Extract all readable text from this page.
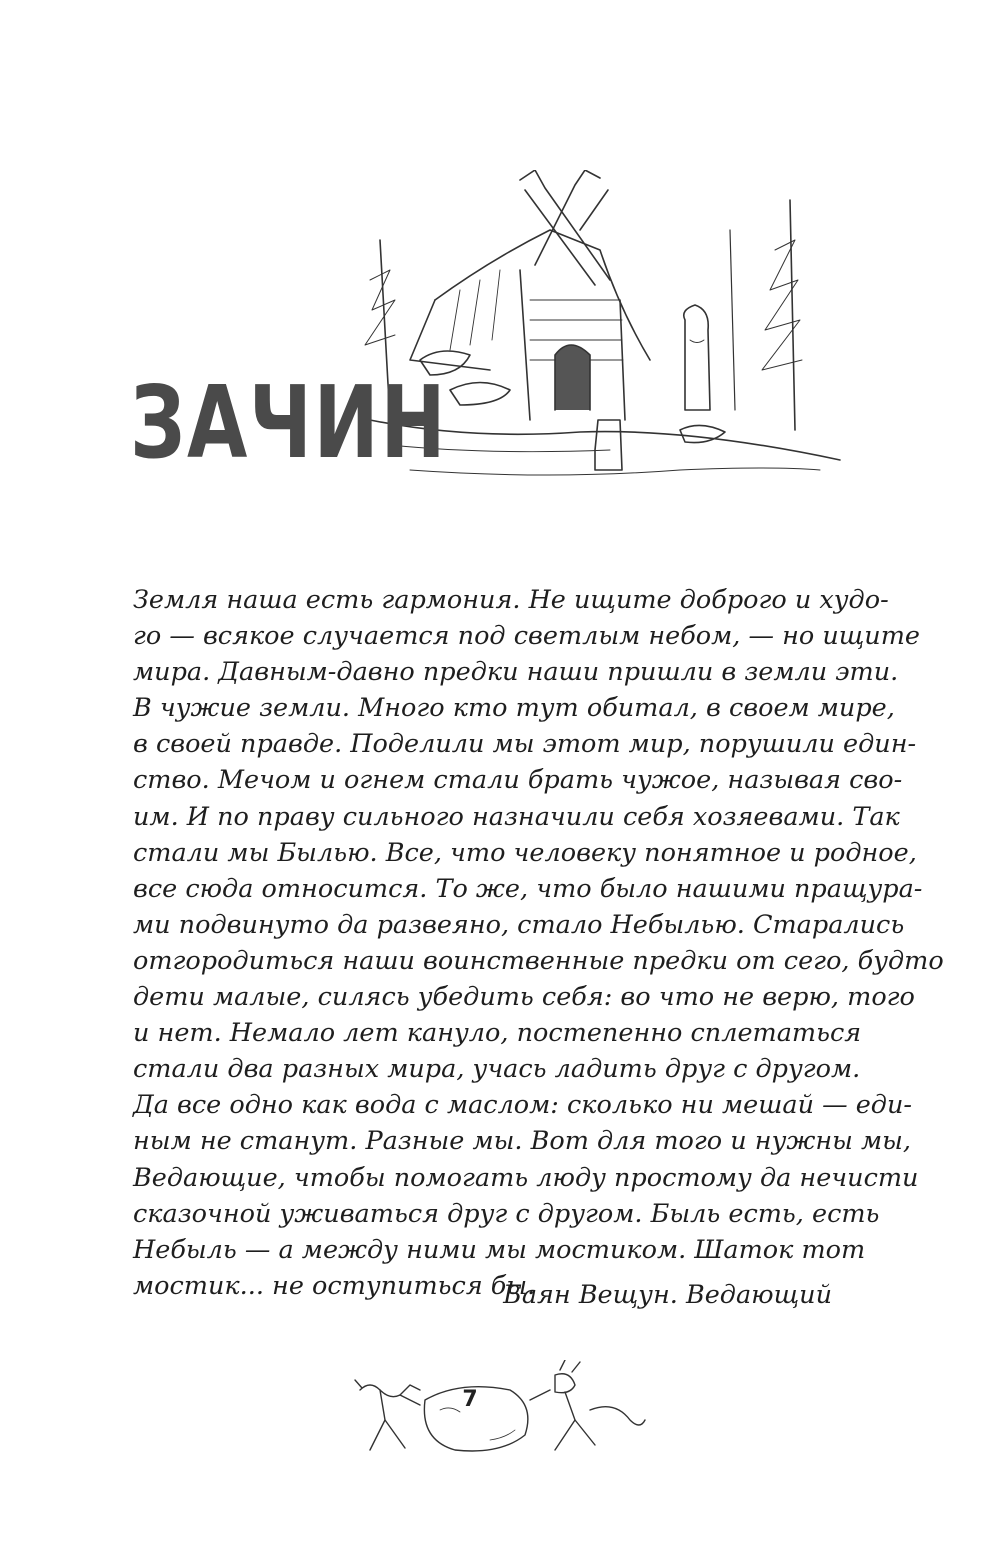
ЗАЧИН
Земля наша есть гармония. Не ищите доброго и худо-
го — всякое случается под светлым небом, — но ищите
мира. Давным-давно предки наши пришли в земли эти.
В чужие земли. Много кто тут обитал, в своем мире,
в своей правде. Поделили мы этот мир, порушили един-
ство. Мечом и огнем стали брать чужое, называя сво-
им. И по праву сильного назначили себя хозяевами. Так
стали мы Былью. Все, что человеку понятное и родное,
все сюда относится. То же, что было нашими пращура-
ми подвинуто да развеяно, стало Небылью. Старались
отгородиться наши воинственные предки от сего, будто
дети малые, силясь убедить себя: во что не верю, того
и нет. Немало лет кануло, постепенно сплетаться
стали два разных мира, учась ладить друг с другом.
Да все одно как вода с маслом: сколько ни мешай — еди-
ным не станут. Разные мы. Вот для того и нужны мы,
Ведающие, чтобы помогать люду простому да нечисти
сказочной уживаться друг с другом. Быль есть, есть
Небыль — а между ними мы мостиком. Шаток тот
мостик... не оступиться бы.
Баян Вещун. Ведающий
7
